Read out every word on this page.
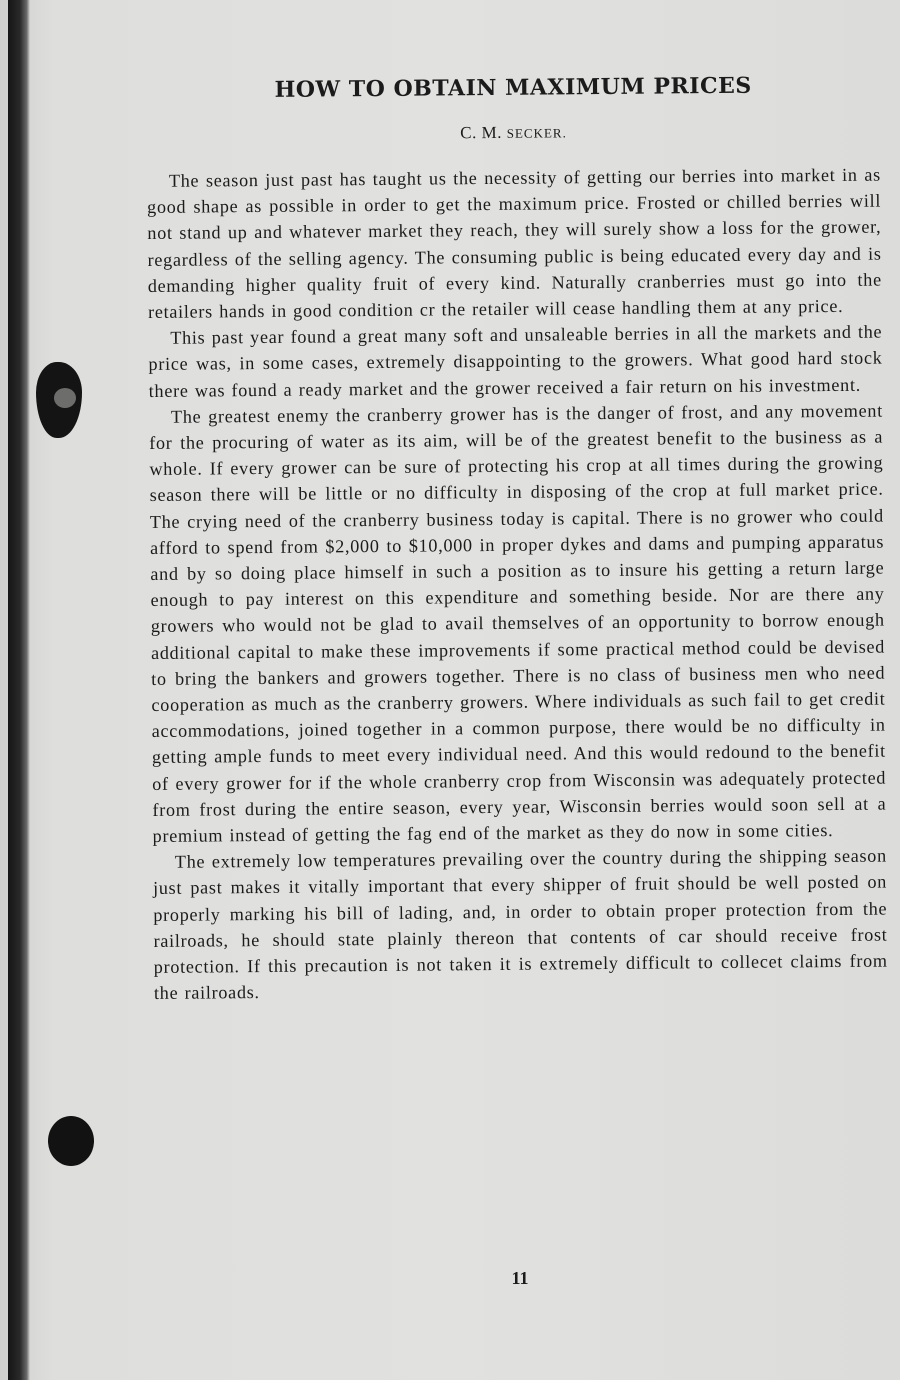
HOW TO OBTAIN MAXIMUM PRICES

C. M. SECKER.

The season just past has taught us the necessity of getting our berries into market in as good shape as possible in order to get the maximum price. Frosted or chilled berries will not stand up and whatever market they reach, they will surely show a loss for the grower, regardless of the selling agency. The consuming public is being educated every day and is demanding higher quality fruit of every kind. Naturally cranberries must go into the retailers hands in good condition cr the retailer will cease handling them at any price.

This past year found a great many soft and unsaleable berries in all the markets and the price was, in some cases, extremely disappointing to the growers. What good hard stock there was found a ready market and the grower received a fair return on his investment.

The greatest enemy the cranberry grower has is the danger of frost, and any movement for the procuring of water as its aim, will be of the greatest benefit to the business as a whole. If every grower can be sure of protecting his crop at all times during the growing season there will be little or no difficulty in disposing of the crop at full market price. The crying need of the cranberry business today is capital. There is no grower who could afford to spend from $2,000 to $10,000 in proper dykes and dams and pumping apparatus and by so doing place himself in such a position as to insure his getting a return large enough to pay interest on this expenditure and something beside. Nor are there any growers who would not be glad to avail themselves of an opportunity to borrow enough additional capital to make these improvements if some practical method could be devised to bring the bankers and growers together. There is no class of business men who need cooperation as much as the cranberry growers. Where individuals as such fail to get credit accommodations, joined together in a common purpose, there would be no difficulty in getting ample funds to meet every individual need. And this would redound to the benefit of every grower for if the whole cranberry crop from Wisconsin was adequately protected from frost during the entire season, every year, Wisconsin berries would soon sell at a premium instead of getting the fag end of the market as they do now in some cities.

The extremely low temperatures prevailing over the country during the shipping season just past makes it vitally important that every shipper of fruit should be well posted on properly marking his bill of lading, and, in order to obtain proper protection from the railroads, he should state plainly thereon that contents of car should receive frost protection. If this precaution is not taken it is extremely difficult to collecet claims from the railroads.

11
